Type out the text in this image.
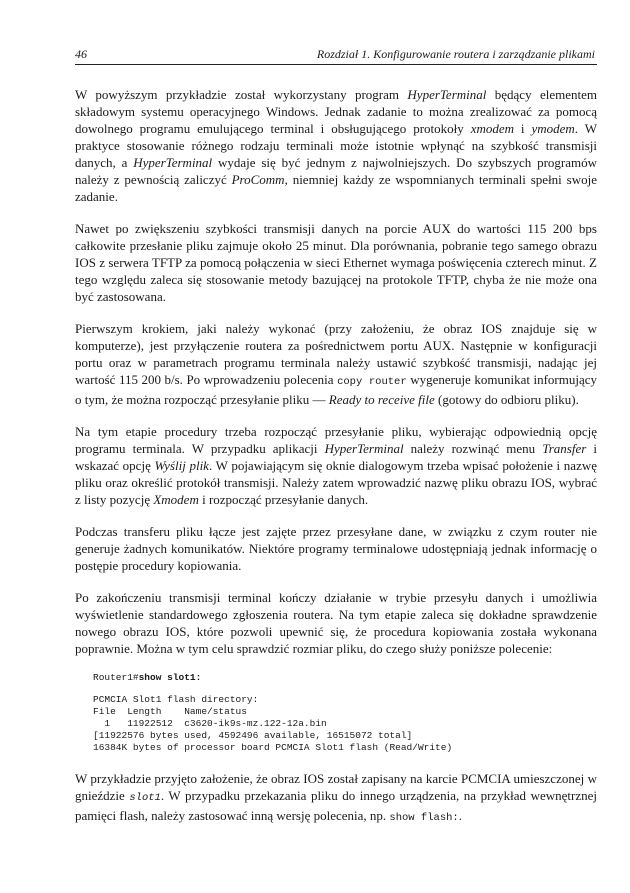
46	Rozdział 1. Konfigurowanie routera i zarządzanie plikami

W powyższym przykładzie został wykorzystany program HyperTerminal będący elementem składowym systemu operacyjnego Windows. Jednak zadanie to można zrealizować za pomocą dowolnego programu emulującego terminal i obsługującego protokoły xmodem i ymodem. W praktyce stosowanie różnego rodzaju terminali może istotnie wpłynąć na szybkość transmisji danych, a HyperTerminal wydaje się być jednym z najwolniejszych. Do szybszych programów należy z pewnością zaliczyć ProComm, niemniej każdy ze wspomnianych terminali spełni swoje zadanie.

Nawet po zwiększeniu szybkości transmisji danych na porcie AUX do wartości 115 200 bps całkowite przesłanie pliku zajmuje około 25 minut. Dla porównania, pobranie tego samego obrazu IOS z serwera TFTP za pomocą połączenia w sieci Ethernet wymaga poświęcenia czterech minut. Z tego względu zaleca się stosowanie metody bazującej na protokole TFTP, chyba że nie może ona być zastosowana.

Pierwszym krokiem, jaki należy wykonać (przy założeniu, że obraz IOS znajduje się w komputerze), jest przyłączenie routera za pośrednictwem portu AUX. Następnie w konfiguracji portu oraz w parametrach programu terminala należy ustawić szybkość transmisji, nadając jej wartość 115 200 b/s. Po wprowadzeniu polecenia copy router wygeneruje komunikat informujący o tym, że można rozpocząć przesyłanie pliku — Ready to receive file (gotowy do odbioru pliku).

Na tym etapie procedury trzeba rozpocząć przesyłanie pliku, wybierając odpowiednią opcję programu terminala. W przypadku aplikacji HyperTerminal należy rozwinąć menu Transfer i wskazać opcję Wyślij plik. W pojawiającym się oknie dialogowym trzeba wpisać położenie i nazwę pliku oraz określić protokół transmisji. Należy zatem wprowadzić nazwę pliku obrazu IOS, wybrać z listy pozycję Xmodem i rozpocząć przesyłanie danych.

Podczas transferu pliku łącze jest zajęte przez przesyłane dane, w związku z czym router nie generuje żadnych komunikatów. Niektóre programy terminalowe udostępniają jednak informację o postępie procedury kopiowania.

Po zakończeniu transmisji terminal kończy działanie w trybie przesyłu danych i umożliwia wyświetlenie standardowego zgłoszenia routera. Na tym etapie zaleca się dokładne sprawdzenie nowego obrazu IOS, które pozwoli upewnić się, że procedura kopiowania została wykonana poprawnie. Można w tym celu sprawdzić rozmiar pliku, do czego służy poniższe polecenie:

Router1#show slot1:
PCMCIA Slot1 flash directory:
File  Length    Name/status
1   11922512  c3620-ik9s-mz.122-12a.bin
[11922576 bytes used, 4592496 available, 16515072 total]
16384K bytes of processor board PCMCIA Slot1 flash (Read/Write)

W przykładzie przyjęto założenie, że obraz IOS został zapisany na karcie PCMCIA umieszczonej w gnieździe slot1. W przypadku przekazania pliku do innego urządzenia, na przykład wewnętrznej pamięci flash, należy zastosować inną wersję polecenia, np. show flash:.
